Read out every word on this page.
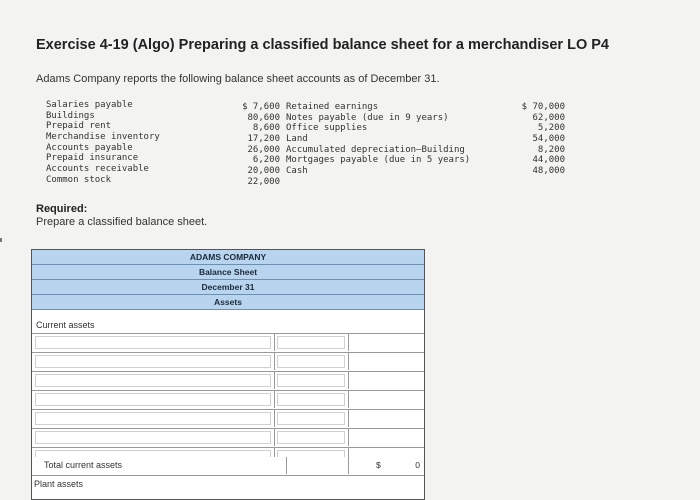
Exercise 4-19 (Algo) Preparing a classified balance sheet for a merchandiser LO P4
Adams Company reports the following balance sheet accounts as of December 31.
Salaries payable
Buildings
Prepaid rent
Merchandise inventory
Accounts payable
Prepaid insurance
Accounts receivable
Common stock
$ 7,600
80,600
8,600
17,200
26,000
6,200
20,000
22,000
Retained earnings
Notes payable (due in 9 years)
Office supplies
Land
Accumulated depreciation—Building
Mortgages payable (due in 5 years)
Cash
$ 70,000
62,000
5,200
54,000
8,200
44,000
48,000
Required:
Prepare a classified balance sheet.
ADAMS COMPANY
Balance Sheet
December 31
Assets
Current assets
Total current assets	$	0
Plant assets
